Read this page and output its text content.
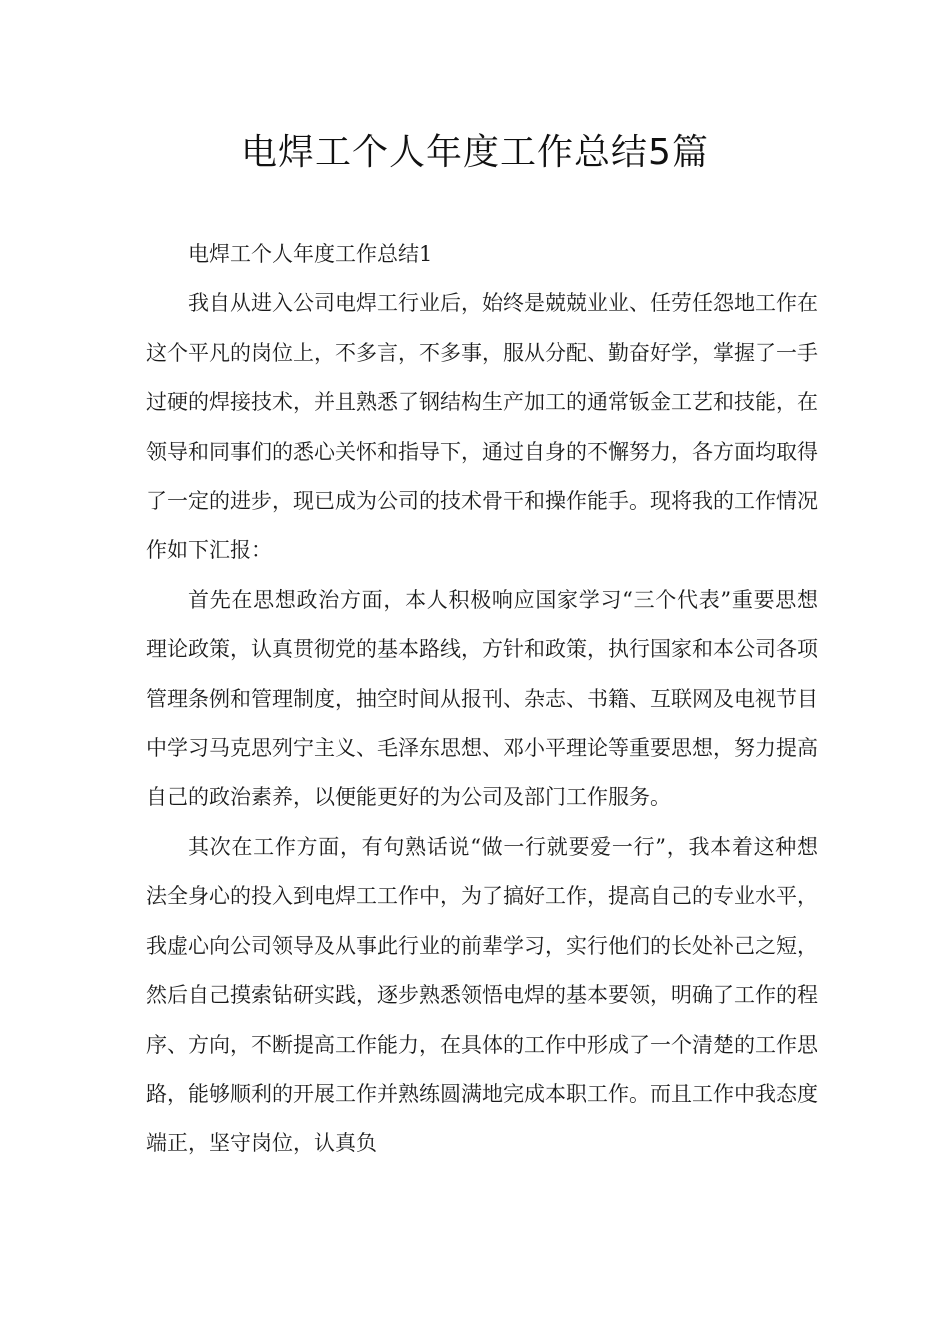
电焊工个人年度工作总结5篇

电焊工个人年度工作总结1

我自从进入公司电焊工行业后，始终是兢兢业业、任劳任怨地工作在这个平凡的岗位上，不多言，不多事，服从分配、勤奋好学，掌握了一手过硬的焊接技术，并且熟悉了钢结构生产加工的通常钣金工艺和技能，在领导和同事们的悉心关怀和指导下，通过自身的不懈努力，各方面均取得了一定的进步，现已成为公司的技术骨干和操作能手。现将我的工作情况作如下汇报：

首先在思想政治方面，本人积极响应国家学习“三个代表”重要思想理论政策，认真贯彻党的基本路线，方针和政策，执行国家和本公司各项管理条例和管理制度，抽空时间从报刊、杂志、书籍、互联网及电视节目中学习马克思列宁主义、毛泽东思想、邓小平理论等重要思想，努力提高自己的政治素养，以便能更好的为公司及部门工作服务。

其次在工作方面，有句熟话说“做一行就要爱一行”，我本着这种想法全身心的投入到电焊工工作中，为了搞好工作，提高自己的专业水平，我虚心向公司领导及从事此行业的前辈学习，实行他们的长处补己之短，然后自己摸索钻研实践，逐步熟悉领悟电焊的基本要领，明确了工作的程序、方向，不断提高工作能力，在具体的工作中形成了一个清楚的工作思路，能够顺利的开展工作并熟练圆满地完成本职工作。而且工作中我态度端正，坚守岗位，认真负
